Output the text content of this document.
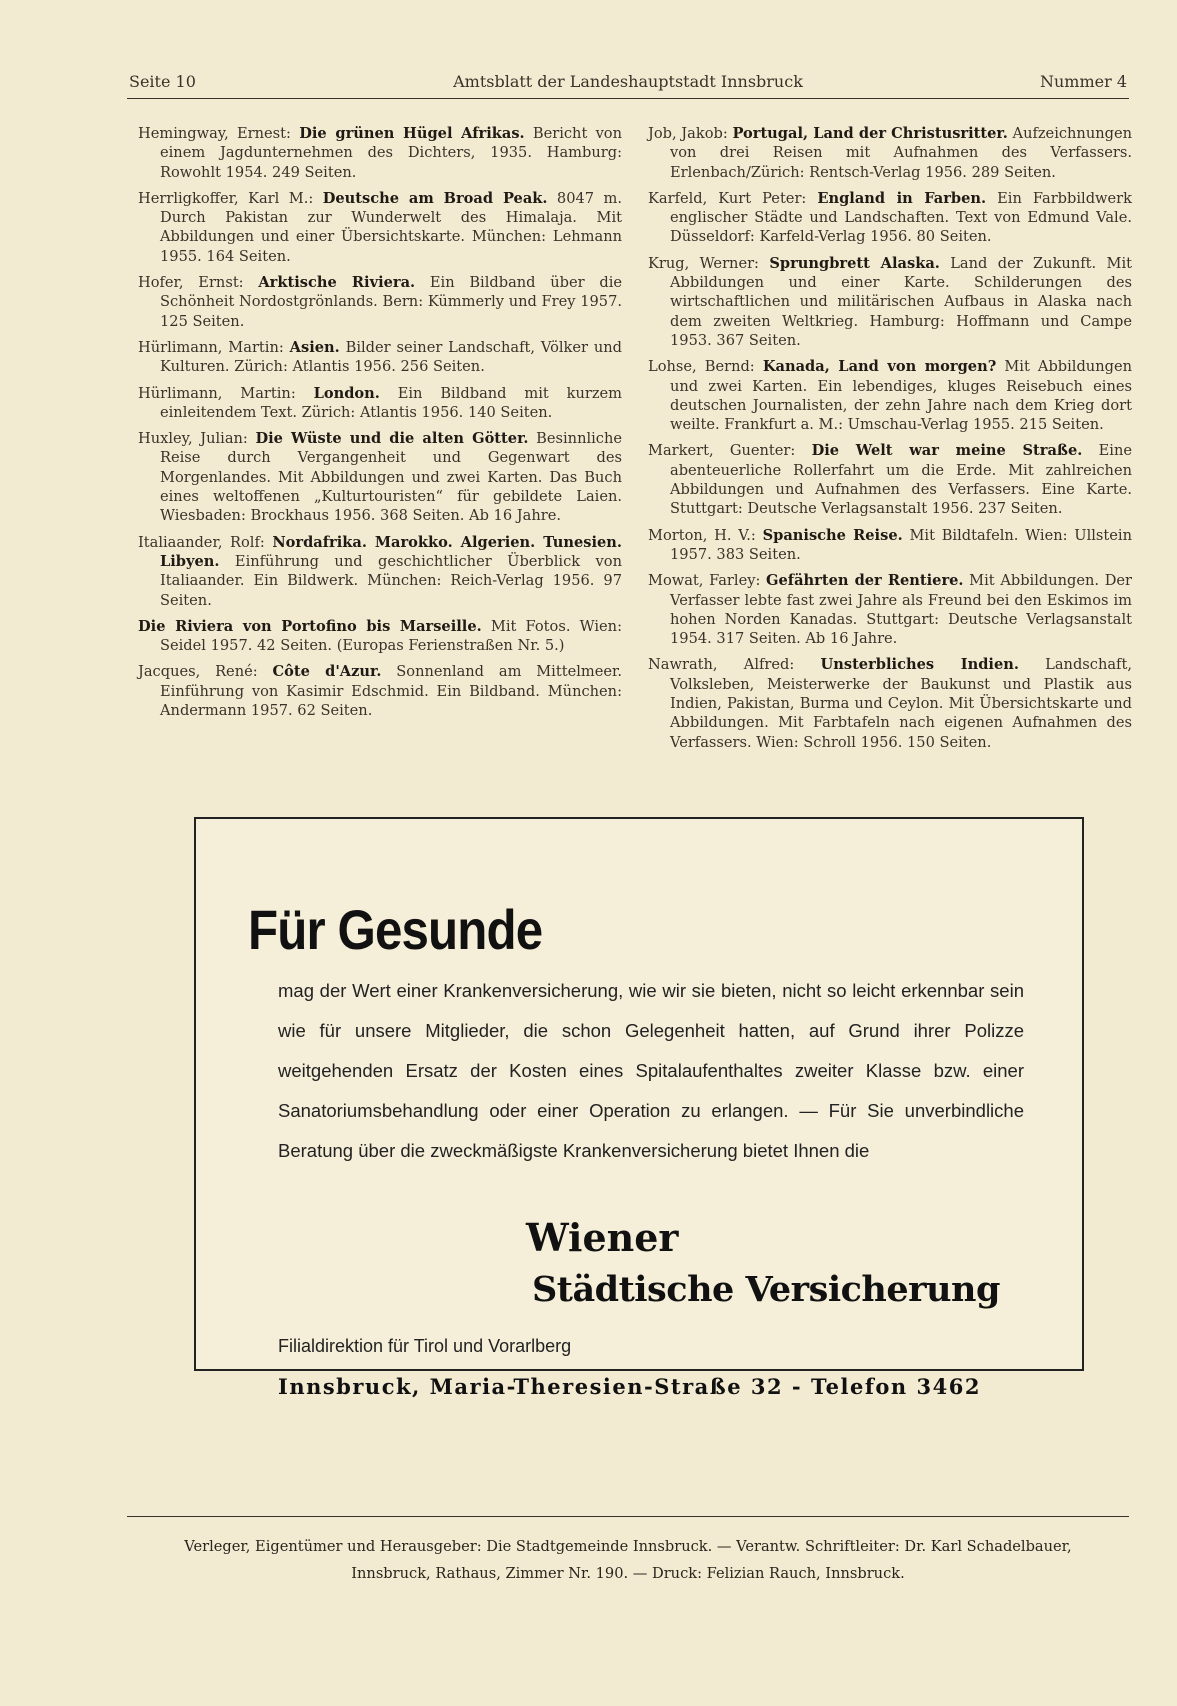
Seite 10	Amtsblatt der Landeshauptstadt Innsbruck	Nummer 4

Hemingway, Ernest: Die grünen Hügel Afrikas. Bericht von einem Jagdunternehmen des Dichters, 1935. Hamburg: Rowohlt 1954. 249 Seiten.

Herrligkoffer, Karl M.: Deutsche am Broad Peak. 8047 m. Durch Pakistan zur Wunderwelt des Himalaja. Mit Abbildungen und einer Übersichtskarte. München: Lehmann 1955. 164 Seiten.

Hofer, Ernst: Arktische Riviera. Ein Bildband über die Schönheit Nordostgrönlands. Bern: Kümmerly und Frey 1957. 125 Seiten.

Hürlimann, Martin: Asien. Bilder seiner Landschaft, Völker und Kulturen. Zürich: Atlantis 1956. 256 Seiten.

Hürlimann, Martin: London. Ein Bildband mit kurzem einleitendem Text. Zürich: Atlantis 1956. 140 Seiten.

Huxley, Julian: Die Wüste und die alten Götter. Besinnliche Reise durch Vergangenheit und Gegenwart des Morgenlandes. Mit Abbildungen und zwei Karten. Das Buch eines weltoffenen „Kulturtouristen“ für gebildete Laien. Wiesbaden: Brockhaus 1956. 368 Seiten. Ab 16 Jahre.

Italiaander, Rolf: Nordafrika. Marokko. Algerien. Tunesien. Libyen. Einführung und geschichtlicher Überblick von Italiaander. Ein Bildwerk. München: Reich-Verlag 1956. 97 Seiten.

Die Riviera von Portofino bis Marseille. Mit Fotos. Wien: Seidel 1957. 42 Seiten. (Europas Ferienstraßen Nr. 5.)

Jacques, René: Côte d'Azur. Sonnenland am Mittelmeer. Einführung von Kasimir Edschmid. Ein Bildband. München: Andermann 1957. 62 Seiten.

Job, Jakob: Portugal, Land der Christusritter. Aufzeichnungen von drei Reisen mit Aufnahmen des Verfassers. Erlenbach/Zürich: Rentsch-Verlag 1956. 289 Seiten.

Karfeld, Kurt Peter: England in Farben. Ein Farbbildwerk englischer Städte und Landschaften. Text von Edmund Vale. Düsseldorf: Karfeld-Verlag 1956. 80 Seiten.

Krug, Werner: Sprungbrett Alaska. Land der Zukunft. Mit Abbildungen und einer Karte. Schilderungen des wirtschaftlichen und militärischen Aufbaus in Alaska nach dem zweiten Weltkrieg. Hamburg: Hoffmann und Campe 1953. 367 Seiten.

Lohse, Bernd: Kanada, Land von morgen? Mit Abbildungen und zwei Karten. Ein lebendiges, kluges Reisebuch eines deutschen Journalisten, der zehn Jahre nach dem Krieg dort weilte. Frankfurt a. M.: Umschau-Verlag 1955. 215 Seiten.

Markert, Guenter: Die Welt war meine Straße. Eine abenteuerliche Rollerfahrt um die Erde. Mit zahlreichen Abbildungen und Aufnahmen des Verfassers. Eine Karte. Stuttgart: Deutsche Verlagsanstalt 1956. 237 Seiten.

Morton, H. V.: Spanische Reise. Mit Bildtafeln. Wien: Ullstein 1957. 383 Seiten.

Mowat, Farley: Gefährten der Rentiere. Mit Abbildungen. Der Verfasser lebte fast zwei Jahre als Freund bei den Eskimos im hohen Norden Kanadas. Stuttgart: Deutsche Verlagsanstalt 1954. 317 Seiten. Ab 16 Jahre.

Nawrath, Alfred: Unsterbliches Indien. Landschaft, Volksleben, Meisterwerke der Baukunst und Plastik aus Indien, Pakistan, Burma und Ceylon. Mit Übersichtskarte und Abbildungen. Mit Farbtafeln nach eigenen Aufnahmen des Verfassers. Wien: Schroll 1956. 150 Seiten.

Für Gesunde
mag der Wert einer Krankenversicherung, wie wir sie bieten, nicht so leicht erkennbar sein wie für unsere Mitglieder, die schon Gelegenheit hatten, auf Grund ihrer Polizze weitgehenden Ersatz der Kosten eines Spitalaufenthaltes zweiter Klasse bzw. einer Sanatoriumsbehandlung oder einer Operation zu erlangen. — Für Sie unverbindliche Beratung über die zweckmäßigste Krankenversicherung bietet Ihnen die
Wiener
Städtische Versicherung
Filialdirektion für Tirol und Vorarlberg
Innsbruck, Maria-Theresien-Straße 32 - Telefon 3462
Verleger, Eigentümer und Herausgeber: Die Stadtgemeinde Innsbruck. — Verantw. Schriftleiter: Dr. Karl Schadelbauer,
Innsbruck, Rathaus, Zimmer Nr. 190. — Druck: Felizian Rauch, Innsbruck.
